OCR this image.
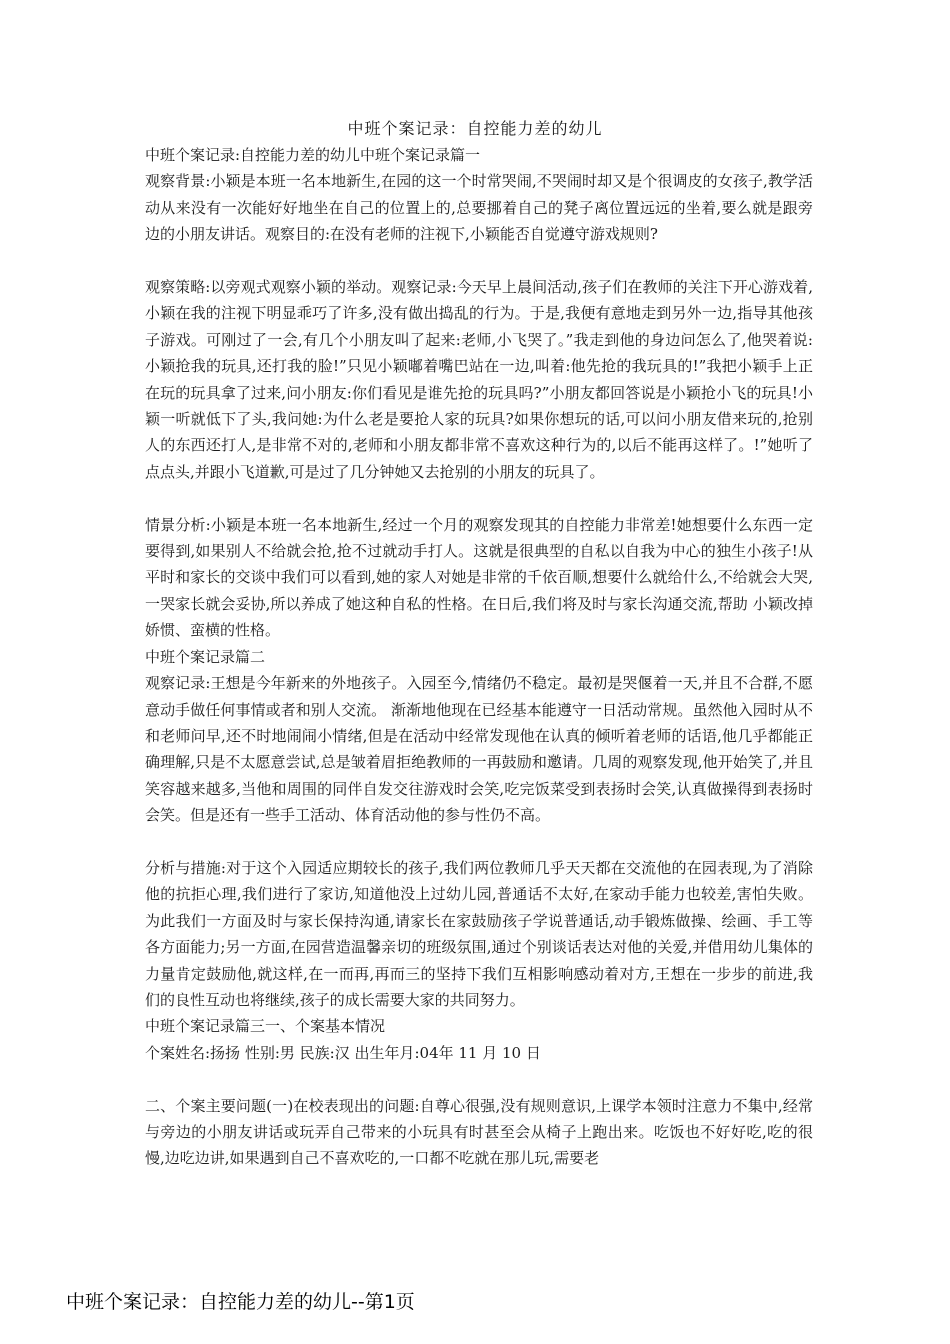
中班个案记录：自控能力差的幼儿

中班个案记录:自控能力差的幼儿中班个案记录篇一

观察背景:小颖是本班一名本地新生,在园的这一个时常哭闹,不哭闹时却又是个很调皮的女孩子,教学活动从来没有一次能好好地坐在自己的位置上的,总要挪着自己的凳子离位置远远的坐着,要么就是跟旁边的小朋友讲话。观察目的:在没有老师的注视下,小颖能否自觉遵守游戏规则?

观察策略:以旁观式观察小颖的举动。观察记录:今天早上晨间活动,孩子们在教师的关注下开心游戏着,小颖在我的注视下明显乖巧了许多,没有做出捣乱的行为。于是,我便有意地走到另外一边,指导其他孩子游戏。可刚过了一会,有几个小朋友叫了起来:老师,小飞哭了。”我走到他的身边问怎么了,他哭着说:小颖抢我的玩具,还打我的脸!”只见小颖嘟着嘴巴站在一边,叫着:他先抢的我玩具的!”我把小颖手上正在玩的玩具拿了过来,问小朋友:你们看见是谁先抢的玩具吗?”小朋友都回答说是小颖抢小飞的玩具!小颖一听就低下了头,我问她:为什么老是要抢人家的玩具?如果你想玩的话,可以问小朋友借来玩的,抢别人的东西还打人,是非常不对的,老师和小朋友都非常不喜欢这种行为的,以后不能再这样了。!”她听了点点头,并跟小飞道歉,可是过了几分钟她又去抢别的小朋友的玩具了。

情景分析:小颖是本班一名本地新生,经过一个月的观察发现其的自控能力非常差!她想要什么东西一定要得到,如果别人不给就会抢,抢不过就动手打人。这就是很典型的自私以自我为中心的独生小孩子!从平时和家长的交谈中我们可以看到,她的家人对她是非常的千依百顺,想要什么就给什么,不给就会大哭,一哭家长就会妥协,所以养成了她这种自私的性格。在日后,我们将及时与家长沟通交流,帮助 小颖改掉娇惯、蛮横的性格。

中班个案记录篇二

观察记录:王想是今年新来的外地孩子。入园至今,情绪仍不稳定。最初是哭偃着一天,并且不合群,不愿意动手做任何事情或者和别人交流。 渐渐地他现在已经基本能遵守一日活动常规。虽然他入园时从不和老师问早,还不时地闹闹小情绪,但是在活动中经常发现他在认真的倾听着老师的话语,他几乎都能正确理解,只是不太愿意尝试,总是皱着眉拒绝教师的一再鼓励和邀请。几周的观察发现,他开始笑了,并且笑容越来越多,当他和周围的同伴自发交往游戏时会笑,吃完饭菜受到表扬时会笑,认真做操得到表扬时会笑。但是还有一些手工活动、体育活动他的参与性仍不高。

分析与措施:对于这个入园适应期较长的孩子,我们两位教师几乎天天都在交流他的在园表现,为了消除他的抗拒心理,我们进行了家访,知道他没上过幼儿园,普通话不太好,在家动手能力也较差,害怕失败。为此我们一方面及时与家长保持沟通,请家长在家鼓励孩子学说普通话,动手锻炼做操、绘画、手工等各方面能力;另一方面,在园营造温馨亲切的班级氛围,通过个别谈话表达对他的关爱,并借用幼儿集体的力量肯定鼓励他,就这样,在一而再,再而三的坚持下我们互相影响感动着对方,王想在一步步的前进,我们的良性互动也将继续,孩子的成长需要大家的共同努力。

中班个案记录篇三一、个案基本情况

个案姓名:扬扬 性别:男 民族:汉 出生年月:04年 11 月 10 日

二、个案主要问题(一)在校表现出的问题:自尊心很强,没有规则意识,上课学本领时注意力不集中,经常与旁边的小朋友讲话或玩弄自己带来的小玩具有时甚至会从椅子上跑出来。吃饭也不好好吃,吃的很慢,边吃边讲,如果遇到自己不喜欢吃的,一口都不吃就在那儿玩,需要老

中班个案记录：自控能力差的幼儿--第1页
